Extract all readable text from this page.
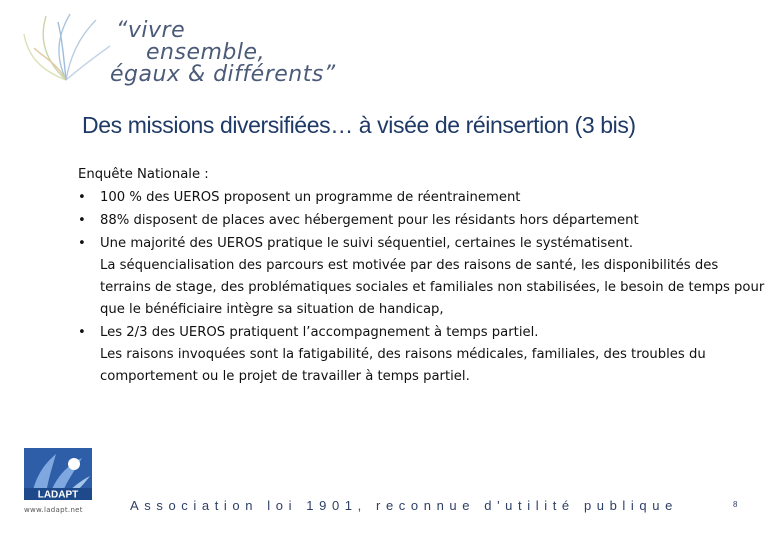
“vivre
ensemble,
égaux & différents”
Des missions diversifiées… à visée de réinsertion (3 bis)
Enquête Nationale :
•	100 % des UEROS proposent un programme de réentrainement
•	88% disposent de places avec hébergement pour les résidants hors département
•	Une majorité des UEROS pratique le suivi séquentiel, certaines le systématisent.
La séquencialisation des parcours est motivée par des raisons de santé, les disponibilités des terrains de stage, des problématiques sociales et familiales non stabilisées, le besoin de temps pour que le bénéficiaire intègre sa situation de handicap,
•	Les 2/3 des UEROS pratiquent l’accompagnement à temps partiel.
Les raisons invoquées sont la fatigabilité, des raisons médicales, familiales, des troubles du comportement ou le projet de travailler à temps partiel.
LADAPT
www.ladapt.net	Association loi 1901, reconnue d'utilité publique	8
